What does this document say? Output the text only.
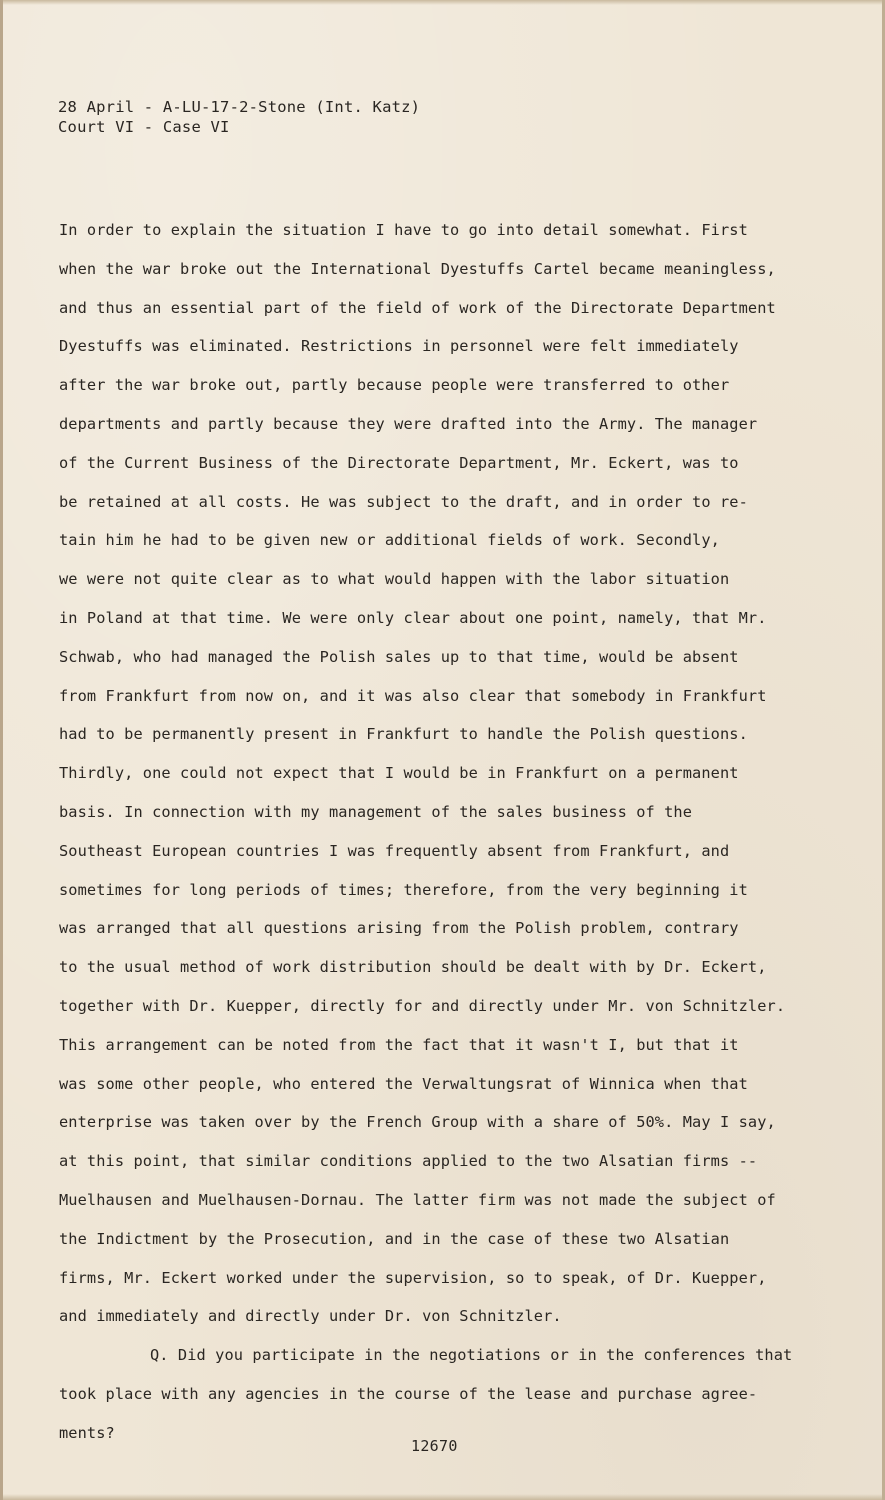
28 April - A-LU-17-2-Stone (Int. Katz)
Court VI - Case VI
In order to explain the situation I have to go into detail somewhat. First
when the war broke out the International Dyestuffs Cartel became meaningless,
and thus an essential part of the field of work of the Directorate Department
Dyestuffs was eliminated. Restrictions in personnel were felt immediately
after the war broke out, partly because people were transferred to other
departments and partly because they were drafted into the Army. The manager
of the Current Business of the Directorate Department, Mr. Eckert, was to
be retained at all costs. He was subject to the draft, and in order to re-
tain him he had to be given new or additional fields of work. Secondly,
we were not quite clear as to what would happen with the labor situation
in Poland at that time. We were only clear about one point, namely, that Mr.
Schwab, who had managed the Polish sales up to that time, would be absent
from Frankfurt from now on, and it was also clear that somebody in Frankfurt
had to be permanently present in Frankfurt to handle the Polish questions.
Thirdly, one could not expect that I would be in Frankfurt on a permanent
basis. In connection with my management of the sales business of the
Southeast European countries I was frequently absent from Frankfurt, and
sometimes for long periods of times; therefore, from the very beginning it
was arranged that all questions arising from the Polish problem, contrary
to the usual method of work distribution should be dealt with by Dr. Eckert,
together with Dr. Kuepper, directly for and directly under Mr. von Schnitzler.
This arrangement can be noted from the fact that it wasn't I, but that it
was some other people, who entered the Verwaltungsrat of Winnica when that
enterprise was taken over by the French Group with a share of 50%. May I say,
at this point, that similar conditions applied to the two Alsatian firms --
Muelhausen and Muelhausen-Dornau. The latter firm was not made the subject of
the Indictment by the Prosecution, and in the case of these two Alsatian
firms, Mr. Eckert worked under the supervision, so to speak, of Dr. Kuepper,
and immediately and directly under Dr. von Schnitzler.
Q. Did you participate in the negotiations or in the conferences that
took place with any agencies in the course of the lease and purchase agree-
ments?
12670
